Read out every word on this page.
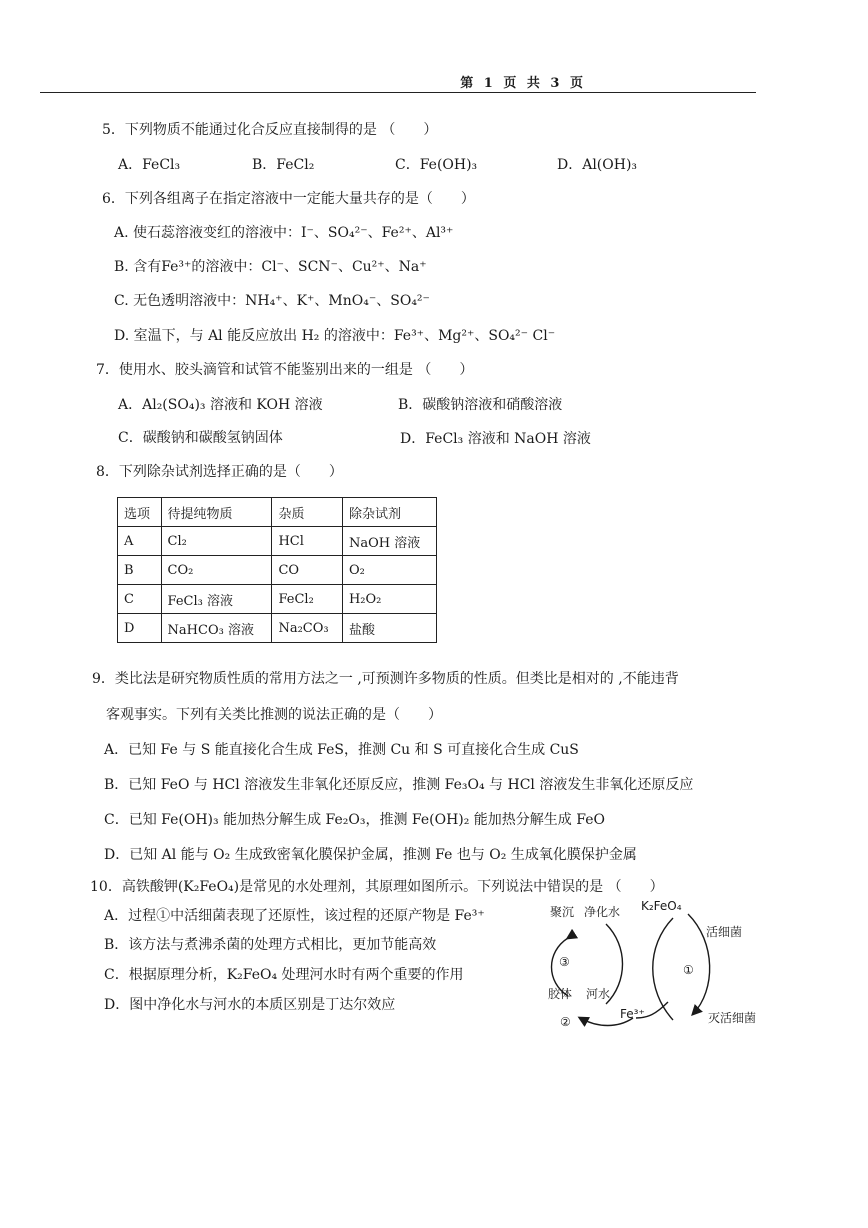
第 1 页 共 3 页
5．下列物质不能通过化合反应直接制得的是 （　　）
A．FeCl₃	B．FeCl₂	C．Fe(OH)₃	D．Al(OH)₃
6．下列各组离子在指定溶液中一定能大量共存的是（　　）
A. 使石蕊溶液变红的溶液中：I⁻、SO₄²⁻、Fe²⁺、Al³⁺
B. 含有Fe³⁺的溶液中：Cl⁻、SCN⁻、Cu²⁺、Na⁺
C. 无色透明溶液中：NH₄⁺、K⁺、MnO₄⁻、SO₄²⁻
D. 室温下，与 Al 能反应放出 H₂ 的溶液中：Fe³⁺、Mg²⁺、SO₄²⁻ Cl⁻
7．使用水、胶头滴管和试管不能鉴别出来的一组是 （　　）
A．Al₂(SO₄)₃ 溶液和 KOH 溶液	B．碳酸钠溶液和硝酸溶液
C．碳酸钠和碳酸氢钠固体	D．FeCl₃ 溶液和 NaOH 溶液
8．下列除杂试剂选择正确的是（　　）
选项	待提纯物质	杂质	除杂试剂
A	Cl₂	HCl	NaOH 溶液
B	CO₂	CO	O₂
C	FeCl₃ 溶液	FeCl₂	H₂O₂
D	NaHCO₃ 溶液	Na₂CO₃	盐酸
9．类比法是研究物质性质的常用方法之一 ,可预测许多物质的性质。但类比是相对的 ,不能违背
客观事实。下列有关类比推测的说法正确的是（　　）
A．已知 Fe 与 S 能直接化合生成 FeS，推测 Cu 和 S 可直接化合生成 CuS
B．已知 FeO 与 HCl 溶液发生非氧化还原反应，推测 Fe₃O₄ 与 HCl 溶液发生非氧化还原反应
C．已知 Fe(OH)₃ 能加热分解生成 Fe₂O₃，推测 Fe(OH)₂ 能加热分解生成 FeO
D．已知 Al 能与 O₂ 生成致密氧化膜保护金属，推测 Fe 也与 O₂ 生成氧化膜保护金属
10．高铁酸钾(K₂FeO₄)是常见的水处理剂，其原理如图所示。下列说法中错误的是 （　　）
A．过程①中活细菌表现了还原性，该过程的还原产物是 Fe³⁺
B．该方法与煮沸杀菌的处理方式相比，更加节能高效
C．根据原理分析，K₂FeO₄ 处理河水时有两个重要的作用
D．图中净化水与河水的本质区别是丁达尔效应
聚沉 净化水 K₂FeO₄
活细菌
③
①
胶体 河水
Fe³⁺
②	灭活细菌
